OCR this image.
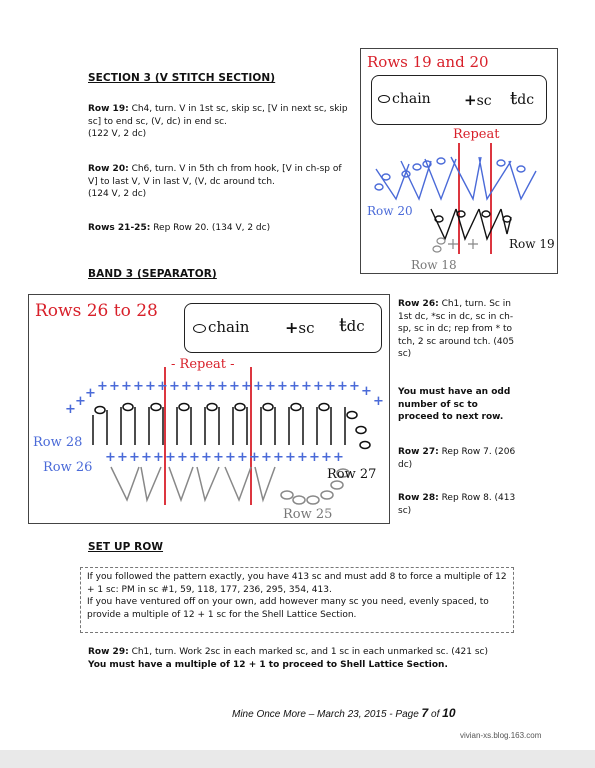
SECTION 3 (V STITCH SECTION)
Row 19: Ch4, turn. V in 1st sc, skip sc, [V in next sc, skip sc] to end sc, (V, dc) in end sc.
(122 V, 2 dc)
Row 20: Ch6, turn. V in 5th ch from hook, [V in ch-sp of V] to last V, V in last V, (V, dc around tch.
(124 V, 2 dc)
Rows 21-25: Rep Row 20. (134 V, 2 dc)
Rows 19 and 20
chain +sc ŧdc
Repeat
Row 20
Row 19
Row 18
BAND 3 (SEPARATOR)
Rows 26 to 28
chain +sc ŧdc
- Repeat -
+
+
+ + + + + + + + + + + + + + + + + + + + + + + +
+
+ + + + + + + + + + + + + + + + + + + +
Row 28
Row 26	Row 27
Row 25
Row 26: Ch1, turn. Sc in 1st dc, *sc in dc, sc in ch-sp, sc in dc; rep from * to tch, 2 sc around tch. (405 sc)
You must have an odd number of sc to proceed to next row.
Row 27: Rep Row 7. (206 dc)
Row 28: Rep Row 8. (413 sc)
SET UP ROW
If you followed the pattern exactly, you have 413 sc and must add 8 to force a multiple of 12 + 1 sc: PM in sc #1, 59, 118, 177, 236, 295, 354, 413.
If you have ventured off on your own, add however many sc you need, evenly spaced, to provide a multiple of 12 + 1 sc for the Shell Lattice Section.
Row 29: Ch1, turn. Work 2sc in each marked sc, and 1 sc in each unmarked sc. (421 sc) You must have a multiple of 12 + 1 to proceed to Shell Lattice Section.
Mine Once More – March 23, 2015 - Page 7 of 10
vivian-xs.blog.163.com
